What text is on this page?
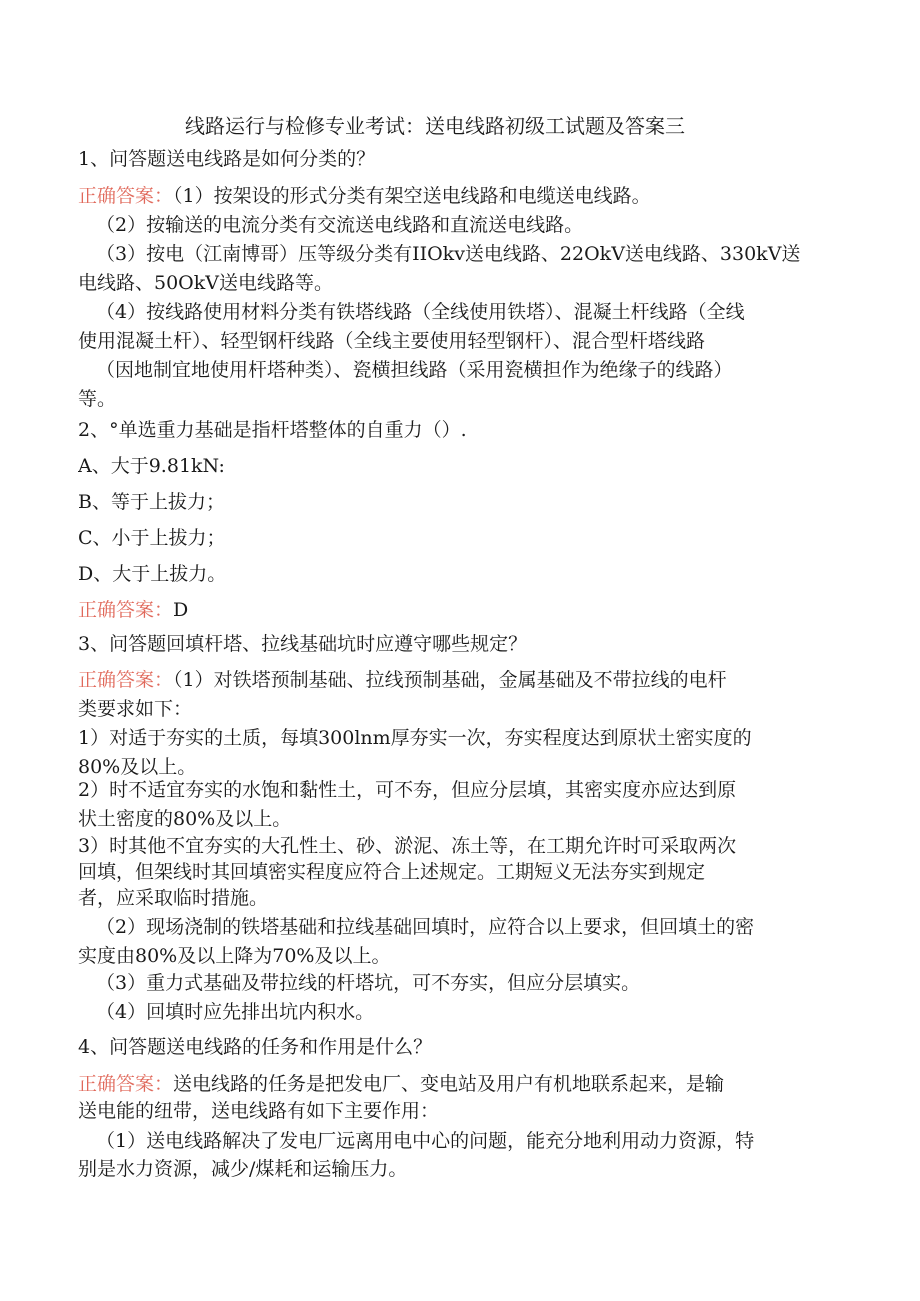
线路运行与检修专业考试：送电线路初级工试题及答案三
1、问答题送电线路是如何分类的？
正确答案：（1）按架设的形式分类有架空送电线路和电缆送电线路。
（2）按输送的电流分类有交流送电线路和直流送电线路。
（3）按电（江南博哥）压等级分类有IIOkv送电线路、22OkV送电线路、330kV送
电线路、50OkV送电线路等。
（4）按线路使用材料分类有铁塔线路（全线使用铁塔）、混凝土杆线路（全线
使用混凝土杆）、轻型钢杆线路（全线主要使用轻型钢杆）、混合型杆塔线路
（因地制宜地使用杆塔种类）、瓷横担线路（采用瓷横担作为绝缘子的线路）
等。
2、°单选重力基础是指杆塔整体的自重力（）.
A、大于9.81kN:
B、等于上拔力；
C、小于上拔力；
D、大于上拔力。
正确答案：D
3、问答题回填杆塔、拉线基础坑时应遵守哪些规定？
正确答案：（1）对铁塔预制基础、拉线预制基础，金属基础及不带拉线的电杆
类要求如下：
1）对适于夯实的土质，每填300lnm厚夯实一次，夯实程度达到原状土密实度的
80%及以上。
2）时不适宜夯实的水饱和黏性土，可不夯，但应分层填，其密实度亦应达到原
状土密度的80%及以上。
3）时其他不宜夯实的大孔性土、砂、淤泥、冻土等，在工期允许时可采取两次
回填，但架线时其回填密实程度应符合上述规定。工期短义无法夯实到规定
者，应采取临时措施。
（2）现场浇制的铁塔基础和拉线基础回填时，应符合以上要求，但回填土的密
实度由80%及以上降为70%及以上。
（3）重力式基础及带拉线的杆塔坑，可不夯实，但应分层填实。
（4）回填时应先排出坑内积水。
4、问答题送电线路的任务和作用是什么？
正确答案：送电线路的任务是把发电厂、变电站及用户有机地联系起来，是输
送电能的纽带，送电线路有如下主要作用：
（1）送电线路解决了发电厂远离用电中心的问题，能充分地利用动力资源，特
别是水力资源，减少/煤耗和运输压力。
